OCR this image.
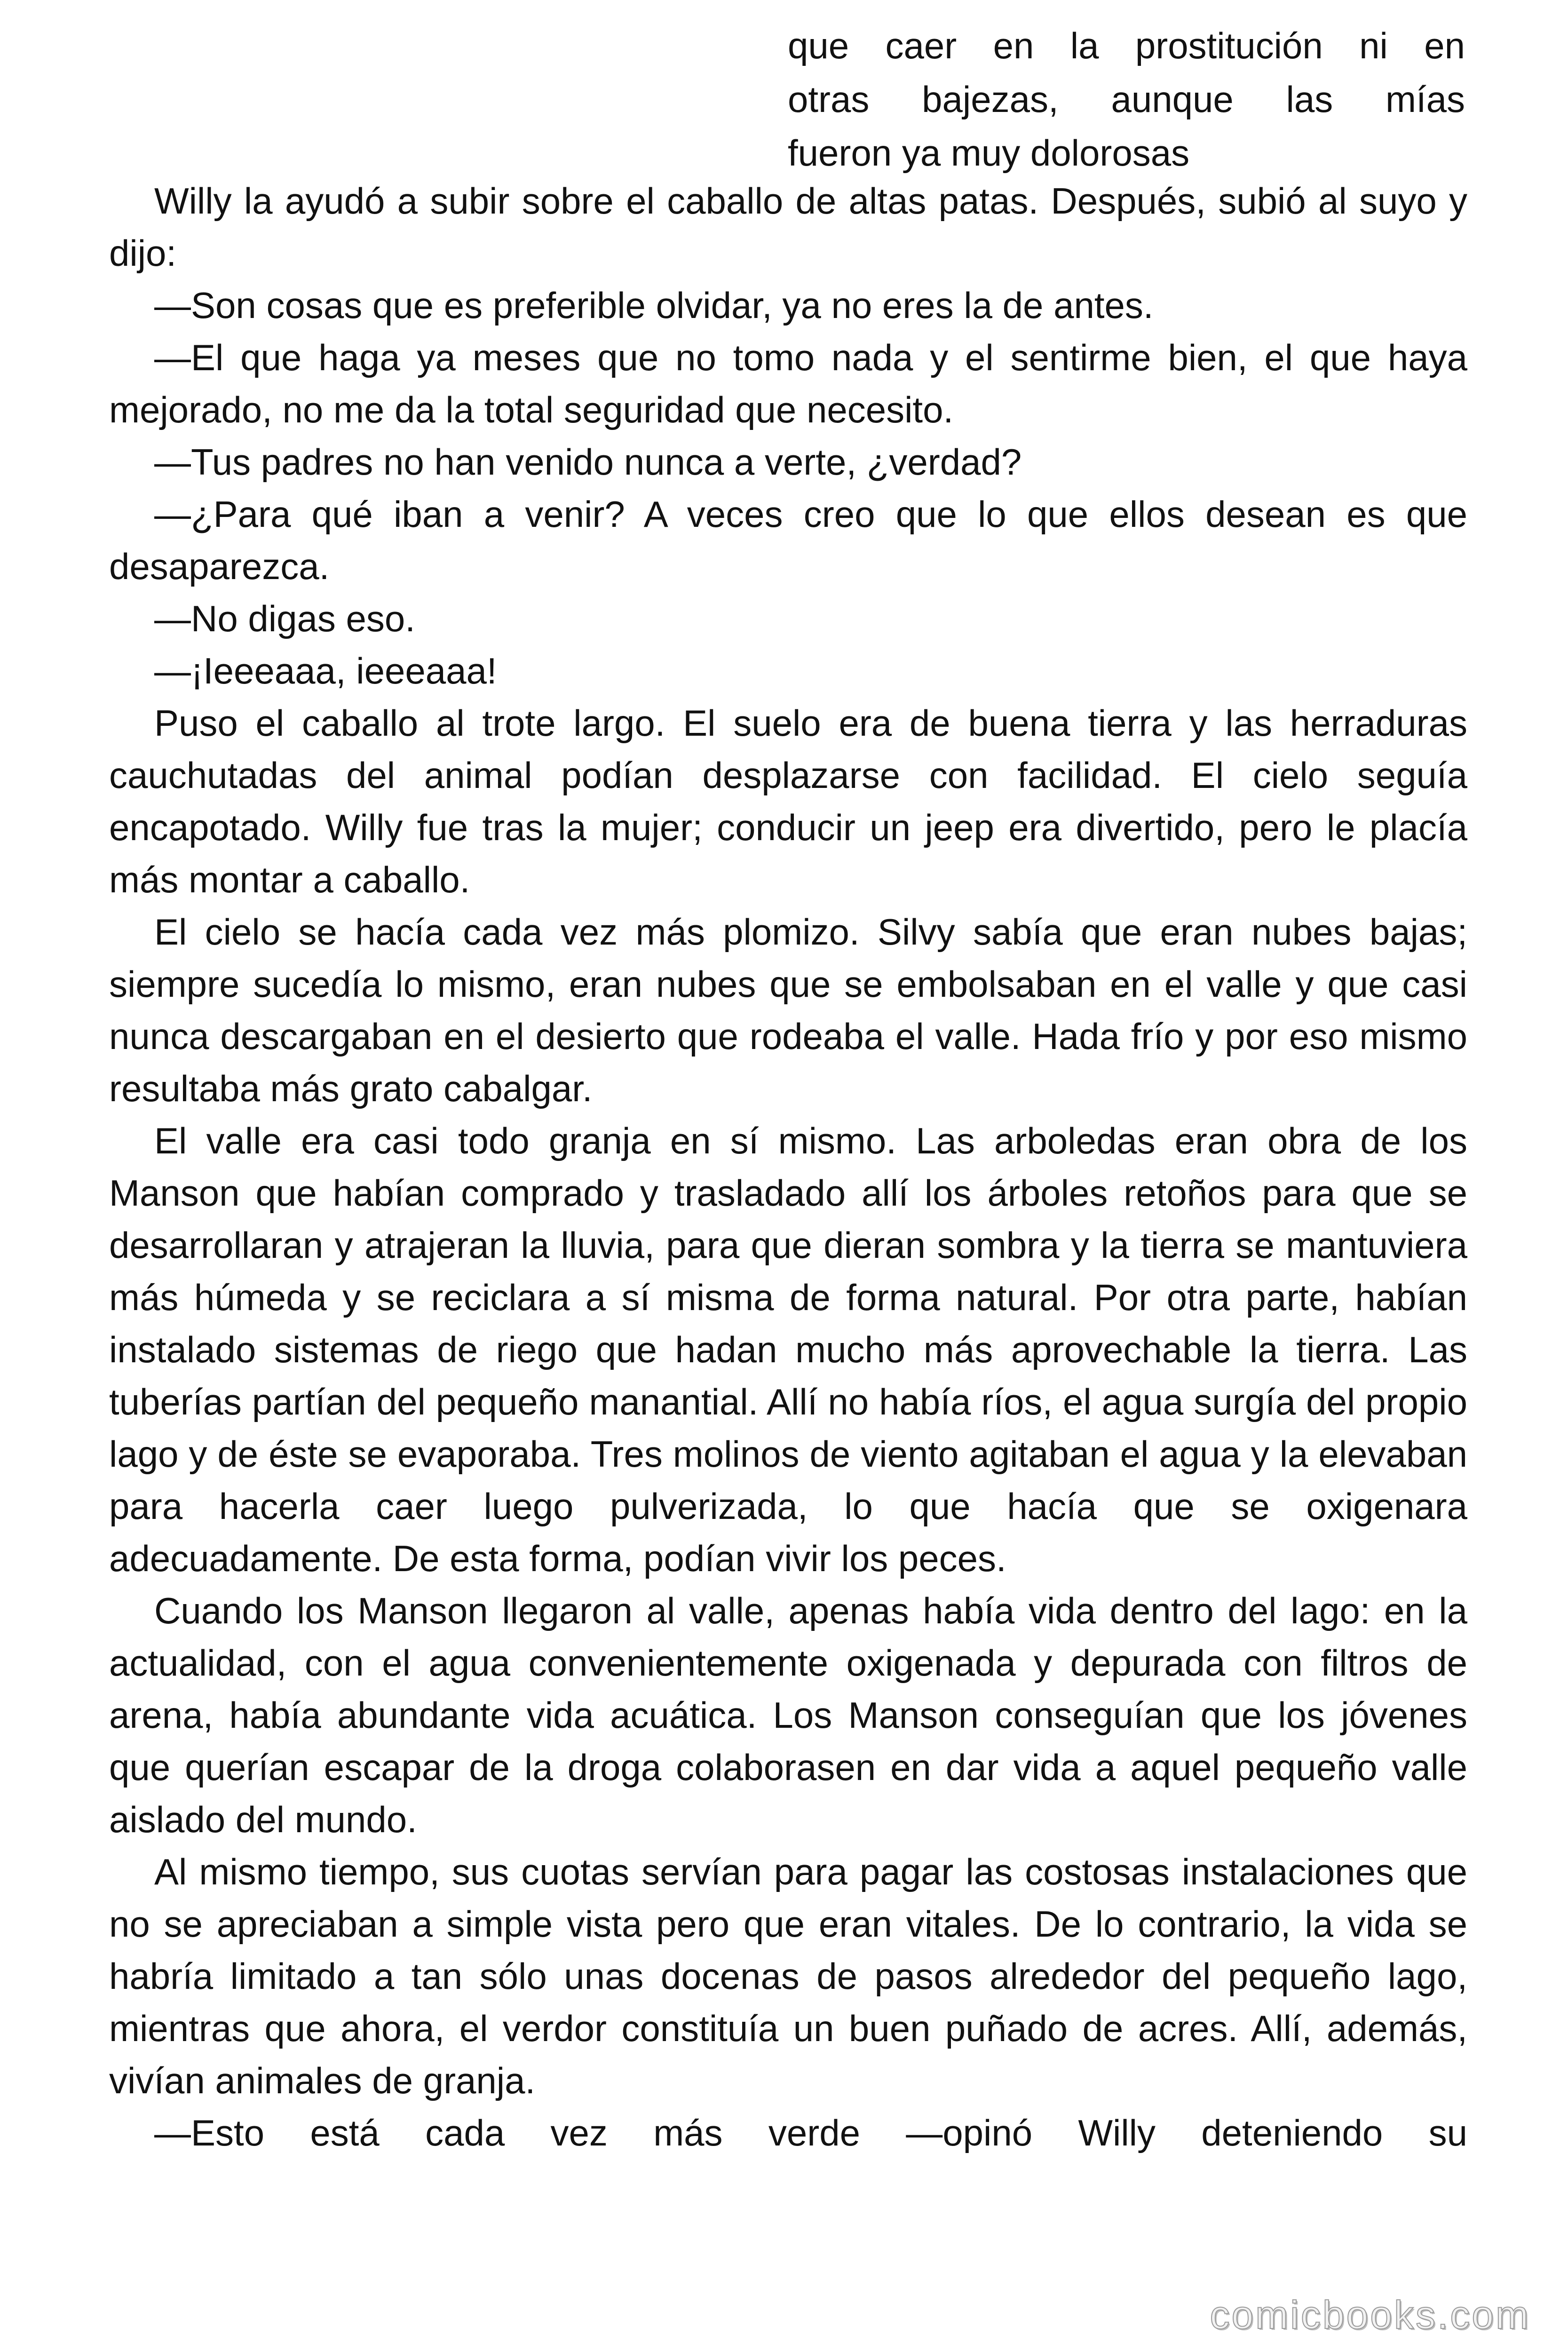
que caer en la prostitución ni en
otras bajezas, aunque las mías
fueron ya muy dolorosas

Willy la ayudó a subir sobre el caballo de altas patas. Después, subió al suyo y dijo:

—Son cosas que es preferible olvidar, ya no eres la de antes.

—El que haga ya meses que no tomo nada y el sentirme bien, el que haya mejorado, no me da la total seguridad que necesito.

—Tus padres no han venido nunca a verte, ¿verdad?

—¿Para qué iban a venir? A veces creo que lo que ellos desean es que desaparezca.

—No digas eso.

—¡Ieeeaaa, ieeeaaa!

Puso el caballo al trote largo. El suelo era de buena tierra y las herraduras cauchutadas del animal podían desplazarse con facilidad. El cielo seguía encapotado. Willy fue tras la mujer; conducir un jeep era divertido, pero le placía más montar a caballo.

El cielo se hacía cada vez más plomizo. Silvy sabía que eran nubes bajas; siempre sucedía lo mismo, eran nubes que se embolsaban en el valle y que casi nunca descargaban en el desierto que rodeaba el valle. Hada frío y por eso mismo resultaba más grato cabalgar.

El valle era casi todo granja en sí mismo. Las arboledas eran obra de los Manson que habían comprado y trasladado allí los árboles retoños para que se desarrollaran y atrajeran la lluvia, para que dieran sombra y la tierra se mantuviera más húmeda y se reciclara a sí misma de forma natural. Por otra parte, habían instalado sistemas de riego que hadan mucho más aprovechable la tierra. Las tuberías partían del pequeño manantial. Allí no había ríos, el agua surgía del propio lago y de éste se evaporaba. Tres molinos de viento agitaban el agua y la elevaban para hacerla caer luego pulverizada, lo que hacía que se oxigenara adecuadamente. De esta forma, podían vivir los peces.

Cuando los Manson llegaron al valle, apenas había vida dentro del lago: en la actualidad, con el agua convenientemente oxigenada y depurada con filtros de arena, había abundante vida acuática. Los Manson conseguían que los jóvenes que querían escapar de la droga colaborasen en dar vida a aquel pequeño valle aislado del mundo.

Al mismo tiempo, sus cuotas servían para pagar las costosas instalaciones que no se apreciaban a simple vista pero que eran vitales. De lo contrario, la vida se habría limitado a tan sólo unas docenas de pasos alrededor del pequeño lago, mientras que ahora, el verdor constituía un buen puñado de acres. Allí, además, vivían animales de granja.

—Esto está cada vez más verde —opinó Willy deteniendo su

comicbooks.com
